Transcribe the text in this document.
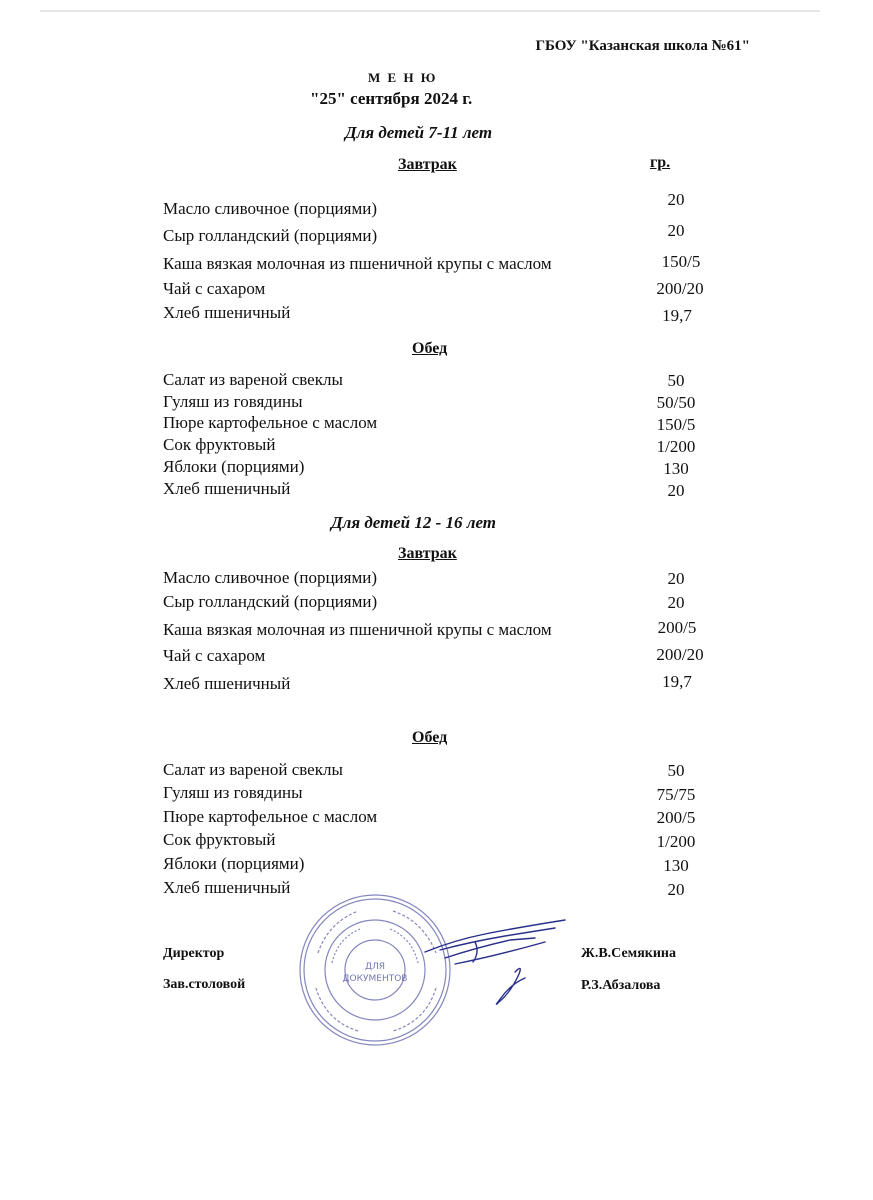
ГБОУ "Казанская школа №61"
М Е Н Ю
"25" сентября 2024 г.
Для детей 7-11 лет
Завтрак	гр.
Масло сливочное (порциями)	20
Сыр голландский (порциями)	20
Каша вязкая молочная из пшеничной крупы с маслом	150/5
Чай с сахаром	200/20
Хлеб пшеничный	19,7
Обед
Салат из вареной свеклы	50
Гуляш из говядины	50/50
Пюре картофельное с маслом	150/5
Сок фруктовый	1/200
Яблоки (порциями)	130
Хлеб пшеничный	20
Для детей 12 - 16 лет
Завтрак
Масло сливочное (порциями)	20
Сыр голландский (порциями)	20
Каша вязкая молочная из пшеничной крупы с маслом	200/5
Чай с сахаром	200/20
Хлеб пшеничный	19,7
Обед
Салат из вареной свеклы	50
Гуляш из говядины	75/75
Пюре картофельное с маслом	200/5
Сок фруктовый	1/200
Яблоки (порциями)	130
Хлеб пшеничный	20
ДЛЯ
ДОКУМЕНТОВ
Директор	Ж.В.Семякина
Зав.столовой	Р.З.Абзалова
